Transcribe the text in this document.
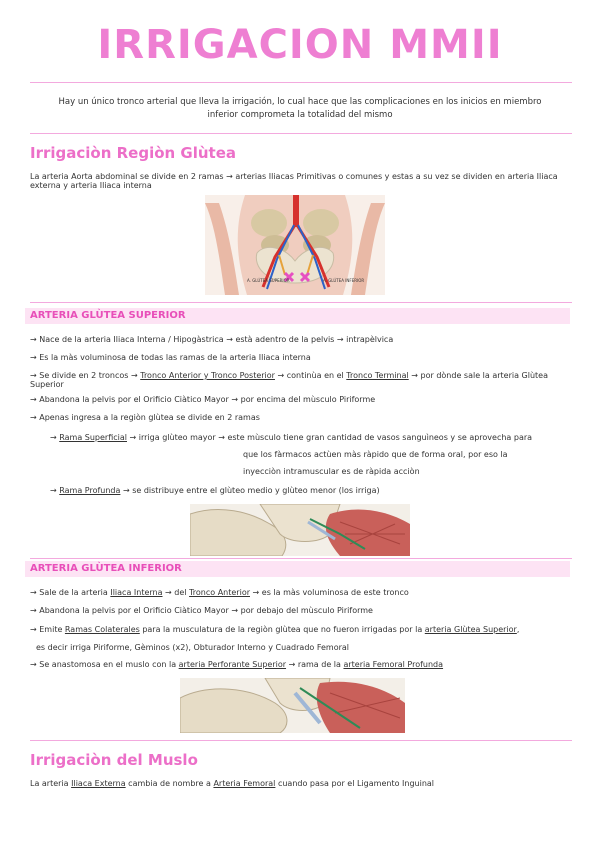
IRRIGACION MMII
Hay un único tronco arterial que lleva la irrigación, lo cual hace que las complicaciones en los inicios en miembro inferior comprometa la totalidad del mismo
Irrigaciòn Regiòn Glùtea
La arteria Aorta abdominal se divide en 2 ramas → arterias Iliacas Primitivas o comunes y estas a su vez se dividen en arteria Iliaca externa y arteria Iliaca interna
A. GLÚTEA SUPERIOR	A. GLÚTEA INFERIOR
ARTERIA GLÙTEA SUPERIOR
→ Nace de la arteria Iliaca Interna / Hipogàstrica → està adentro de la pelvis → intrapèlvica
→ Es la màs voluminosa de todas las ramas de la arteria Iliaca interna
→ Se divide en 2 troncos → Tronco Anterior y Tronco Posterior → continùa en el Tronco Terminal → por dònde sale la arteria Glùtea Superior
→ Abandona la pelvis por el Orificio Ciàtico Mayor → por encima del mùsculo Piriforme
→ Apenas ingresa a la regiòn glùtea se divide en 2 ramas
→ Rama Superficial → irriga glùteo mayor → este mùsculo tiene gran cantidad de vasos sanguìneos y se aprovecha para
que los fàrmacos actùen màs ràpido que de forma oral, por eso la
inyecciòn intramuscular es de ràpida acciòn
→ Rama Profunda → se distribuye entre el glùteo medio y glùteo menor (los irriga)
ARTERIA GLÙTEA INFERIOR
→ Sale de la arteria Iliaca Interna → del Tronco Anterior → es la màs voluminosa de este tronco
→ Abandona la pelvis por el Orificio Ciàtico Mayor → por debajo del mùsculo Piriforme
→ Emite Ramas Colaterales para la musculatura de la regiòn glùtea que no fueron irrigadas por la arteria Glùtea Superior,
es decir irriga Piriforme, Gèminos (x2), Obturador Interno y Cuadrado Femoral
→ Se anastomosa en el muslo con la arteria Perforante Superior → rama de la arteria Femoral Profunda
Irrigaciòn del Muslo
La arteria Iliaca Externa cambia de nombre a Arteria Femoral cuando pasa por el Ligamento Inguinal
